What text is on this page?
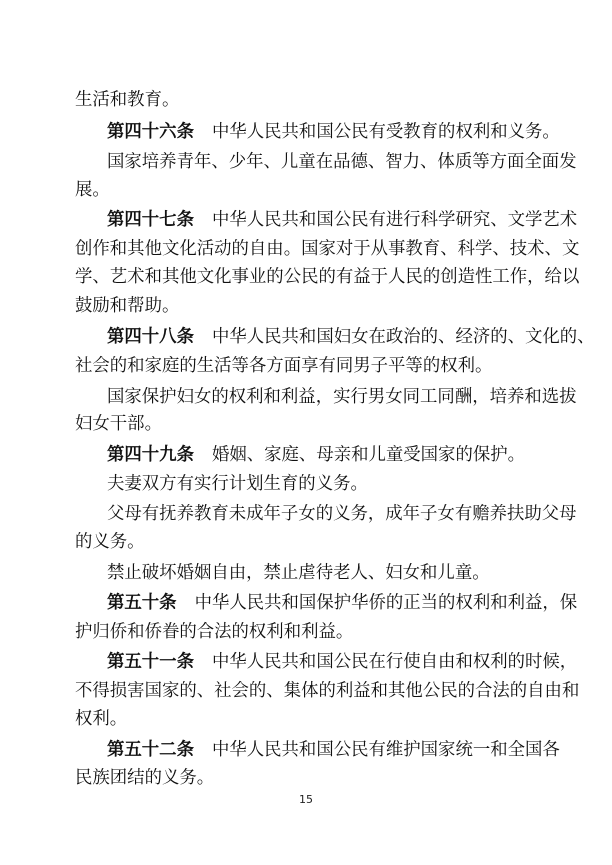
生活和教育。
第四十六条 中华人民共和国公民有受教育的权利和义务。
国家培养青年、少年、儿童在品德、智力、体质等方面全面发
展。
第四十七条 中华人民共和国公民有进行科学研究、文学艺术
创作和其他文化活动的自由。国家对于从事教育、科学、技术、文
学、艺术和其他文化事业的公民的有益于人民的创造性工作，给以
鼓励和帮助。
第四十八条 中华人民共和国妇女在政治的、经济的、文化的、
社会的和家庭的生活等各方面享有同男子平等的权利。
国家保护妇女的权利和利益，实行男女同工同酬，培养和选拔
妇女干部。
第四十九条 婚姻、家庭、母亲和儿童受国家的保护。
夫妻双方有实行计划生育的义务。
父母有抚养教育未成年子女的义务，成年子女有赡养扶助父母
的义务。
禁止破坏婚姻自由，禁止虐待老人、妇女和儿童。
第五十条 中华人民共和国保护华侨的正当的权利和利益，保
护归侨和侨眷的合法的权利和利益。
第五十一条 中华人民共和国公民在行使自由和权利的时候，
不得损害国家的、社会的、集体的利益和其他公民的合法的自由和
权利。
第五十二条 中华人民共和国公民有维护国家统一和全国各
民族团结的义务。
15
